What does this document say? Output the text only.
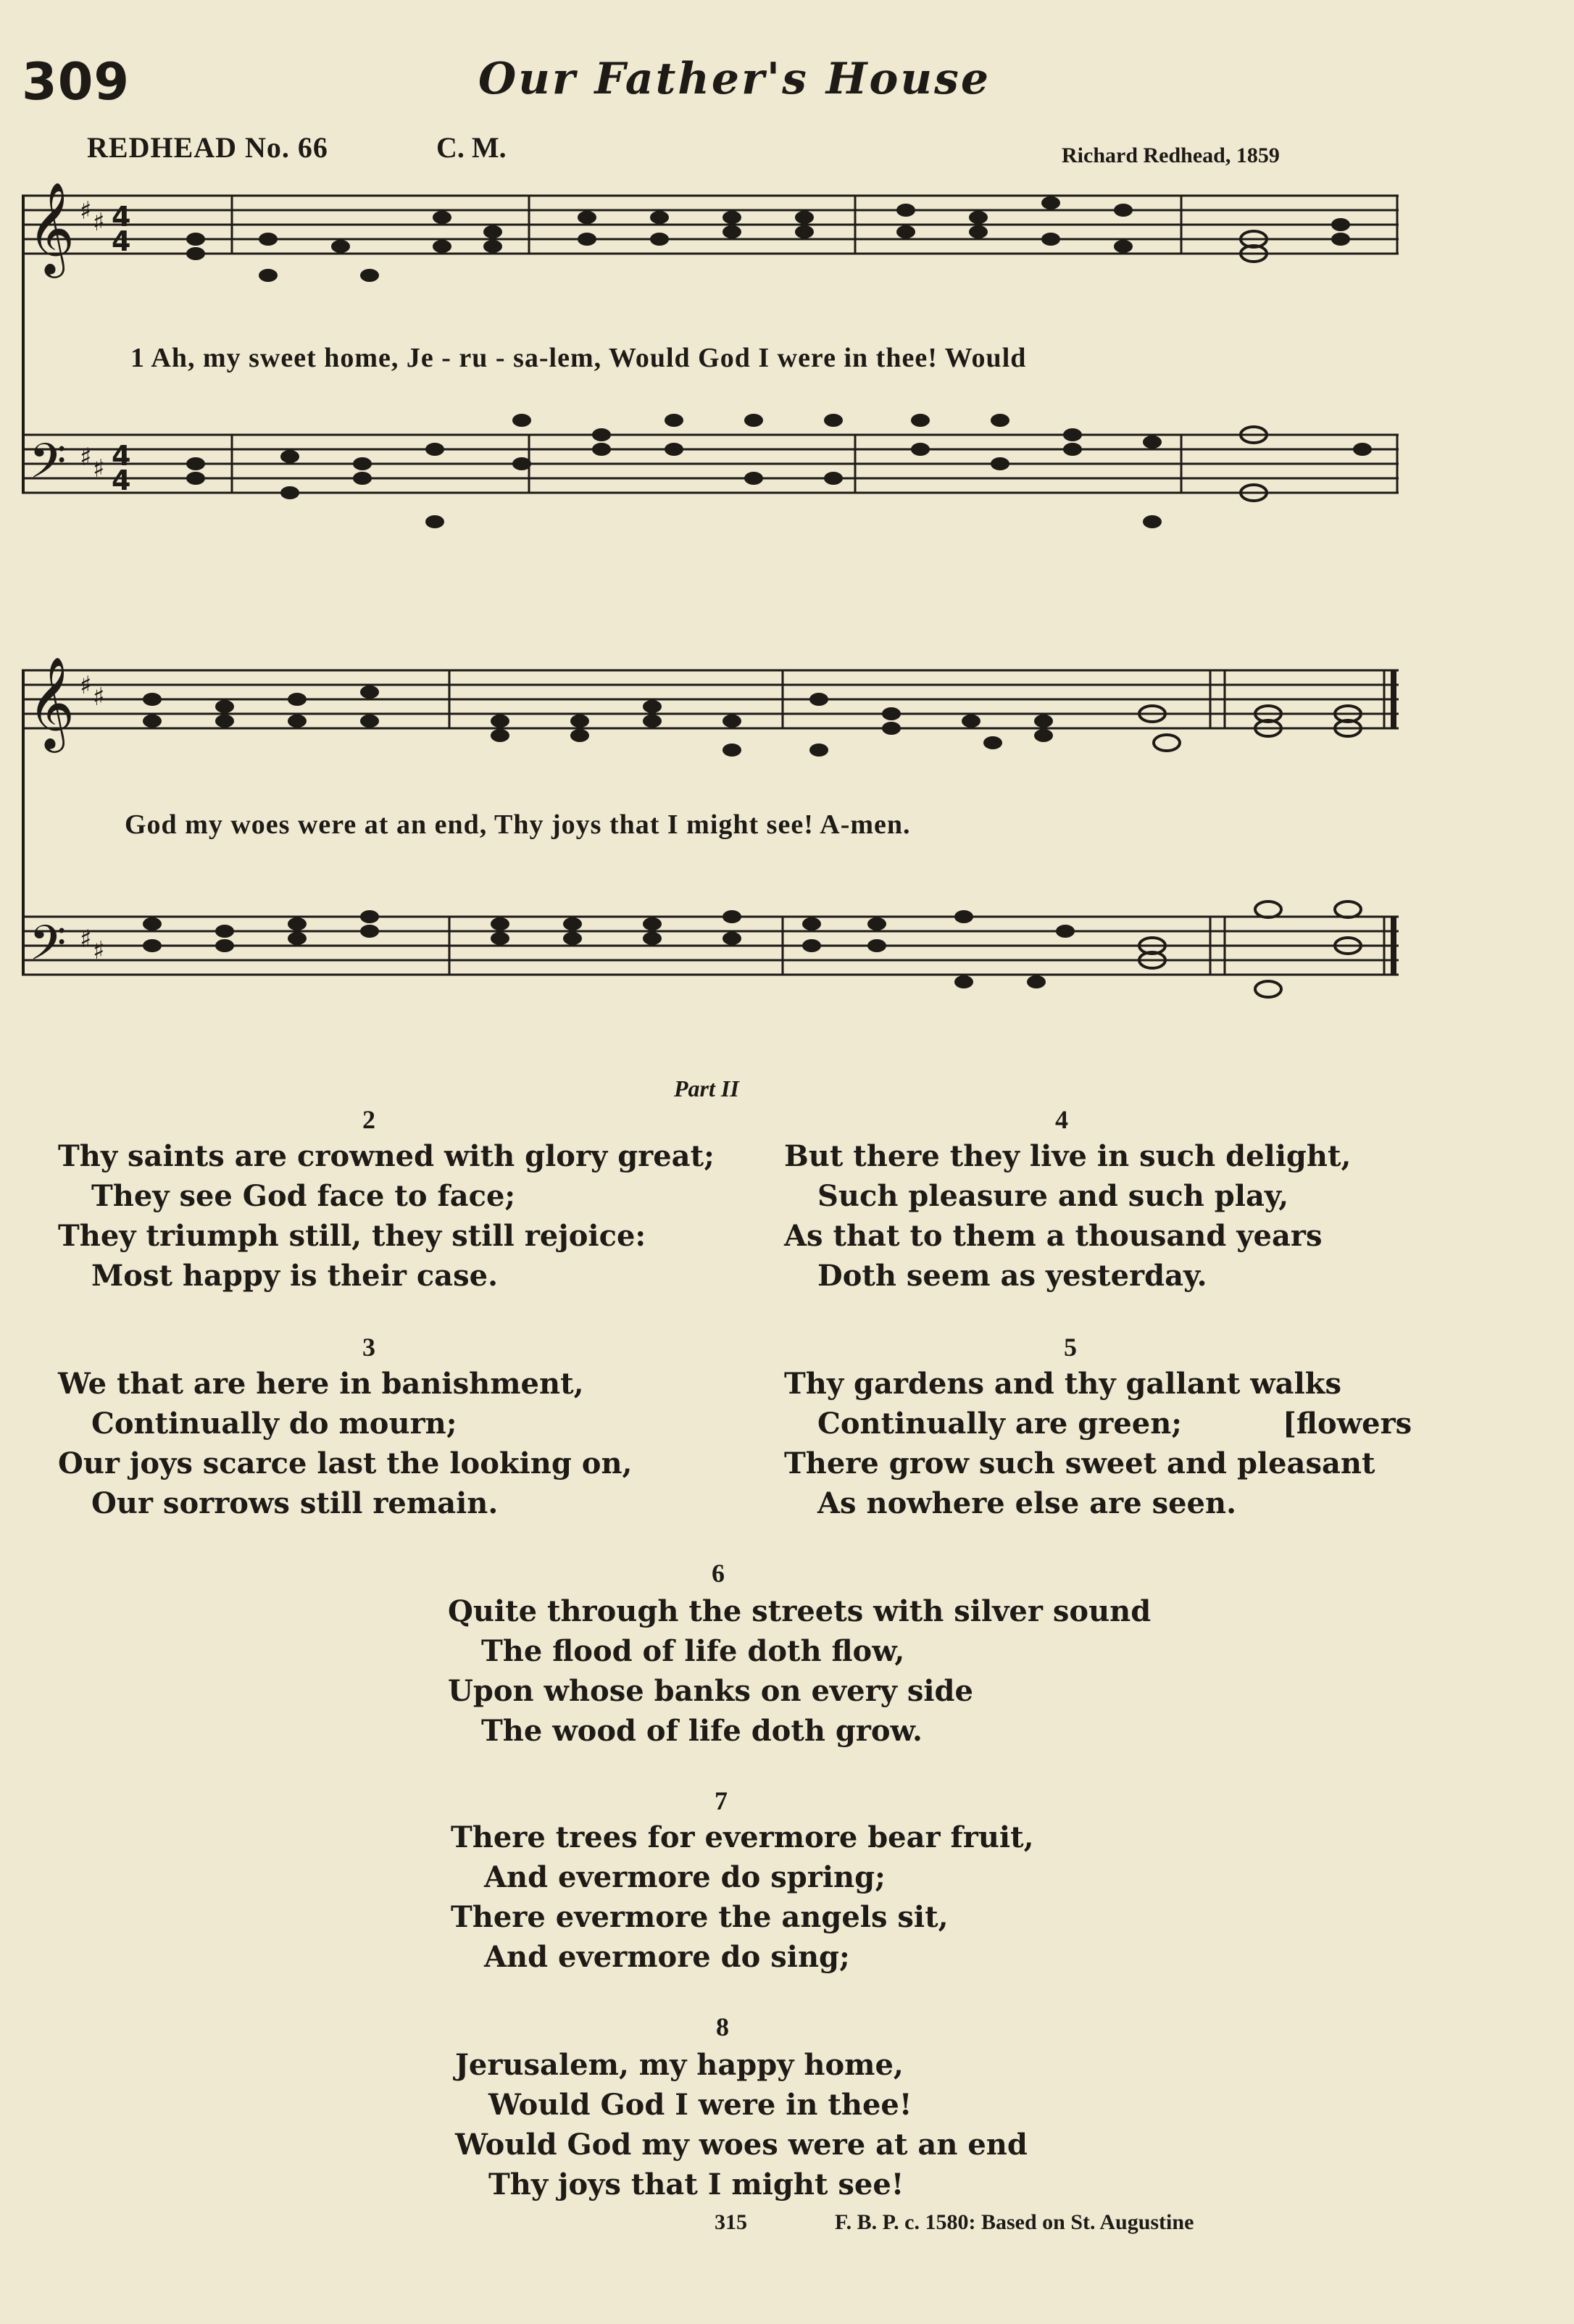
309	Our Father's House
REDHEAD No. 66	C. M.	Richard Redhead, 1859
𝄞
𝄢
♯ ♯ 4
4
♯ ♯ 4
4
1 Ah, my sweet home, Je - ru - sa-lem, Would God I were in thee! Would
𝄞
𝄢
♯ ♯
♯ ♯
God my woes were at an end, Thy joys that I might see! A-men.
Part II
2
Thy saints are crowned with glory great;
They see God face to face;
They triumph still, they still rejoice:
Most happy is their case.
4
But there they live in such delight,
Such pleasure and such play,
As that to them a thousand years
Doth seem as yesterday.
3
We that are here in banishment,
Continually do mourn;
Our joys scarce last the looking on,
Our sorrows still remain.
5
Thy gardens and thy gallant walks
Continually are green;
There grow such sweet and pleasant
As nowhere else are seen.
[flowers
6
Quite through the streets with silver sound
The flood of life doth flow,
Upon whose banks on every side
The wood of life doth grow.
7
There trees for evermore bear fruit,
And evermore do spring;
There evermore the angels sit,
And evermore do sing;
8
Jerusalem, my happy home,
Would God I were in thee!
Would God my woes were at an end
Thy joys that I might see!
315	F. B. P. c. 1580: Based on St. Augustine
